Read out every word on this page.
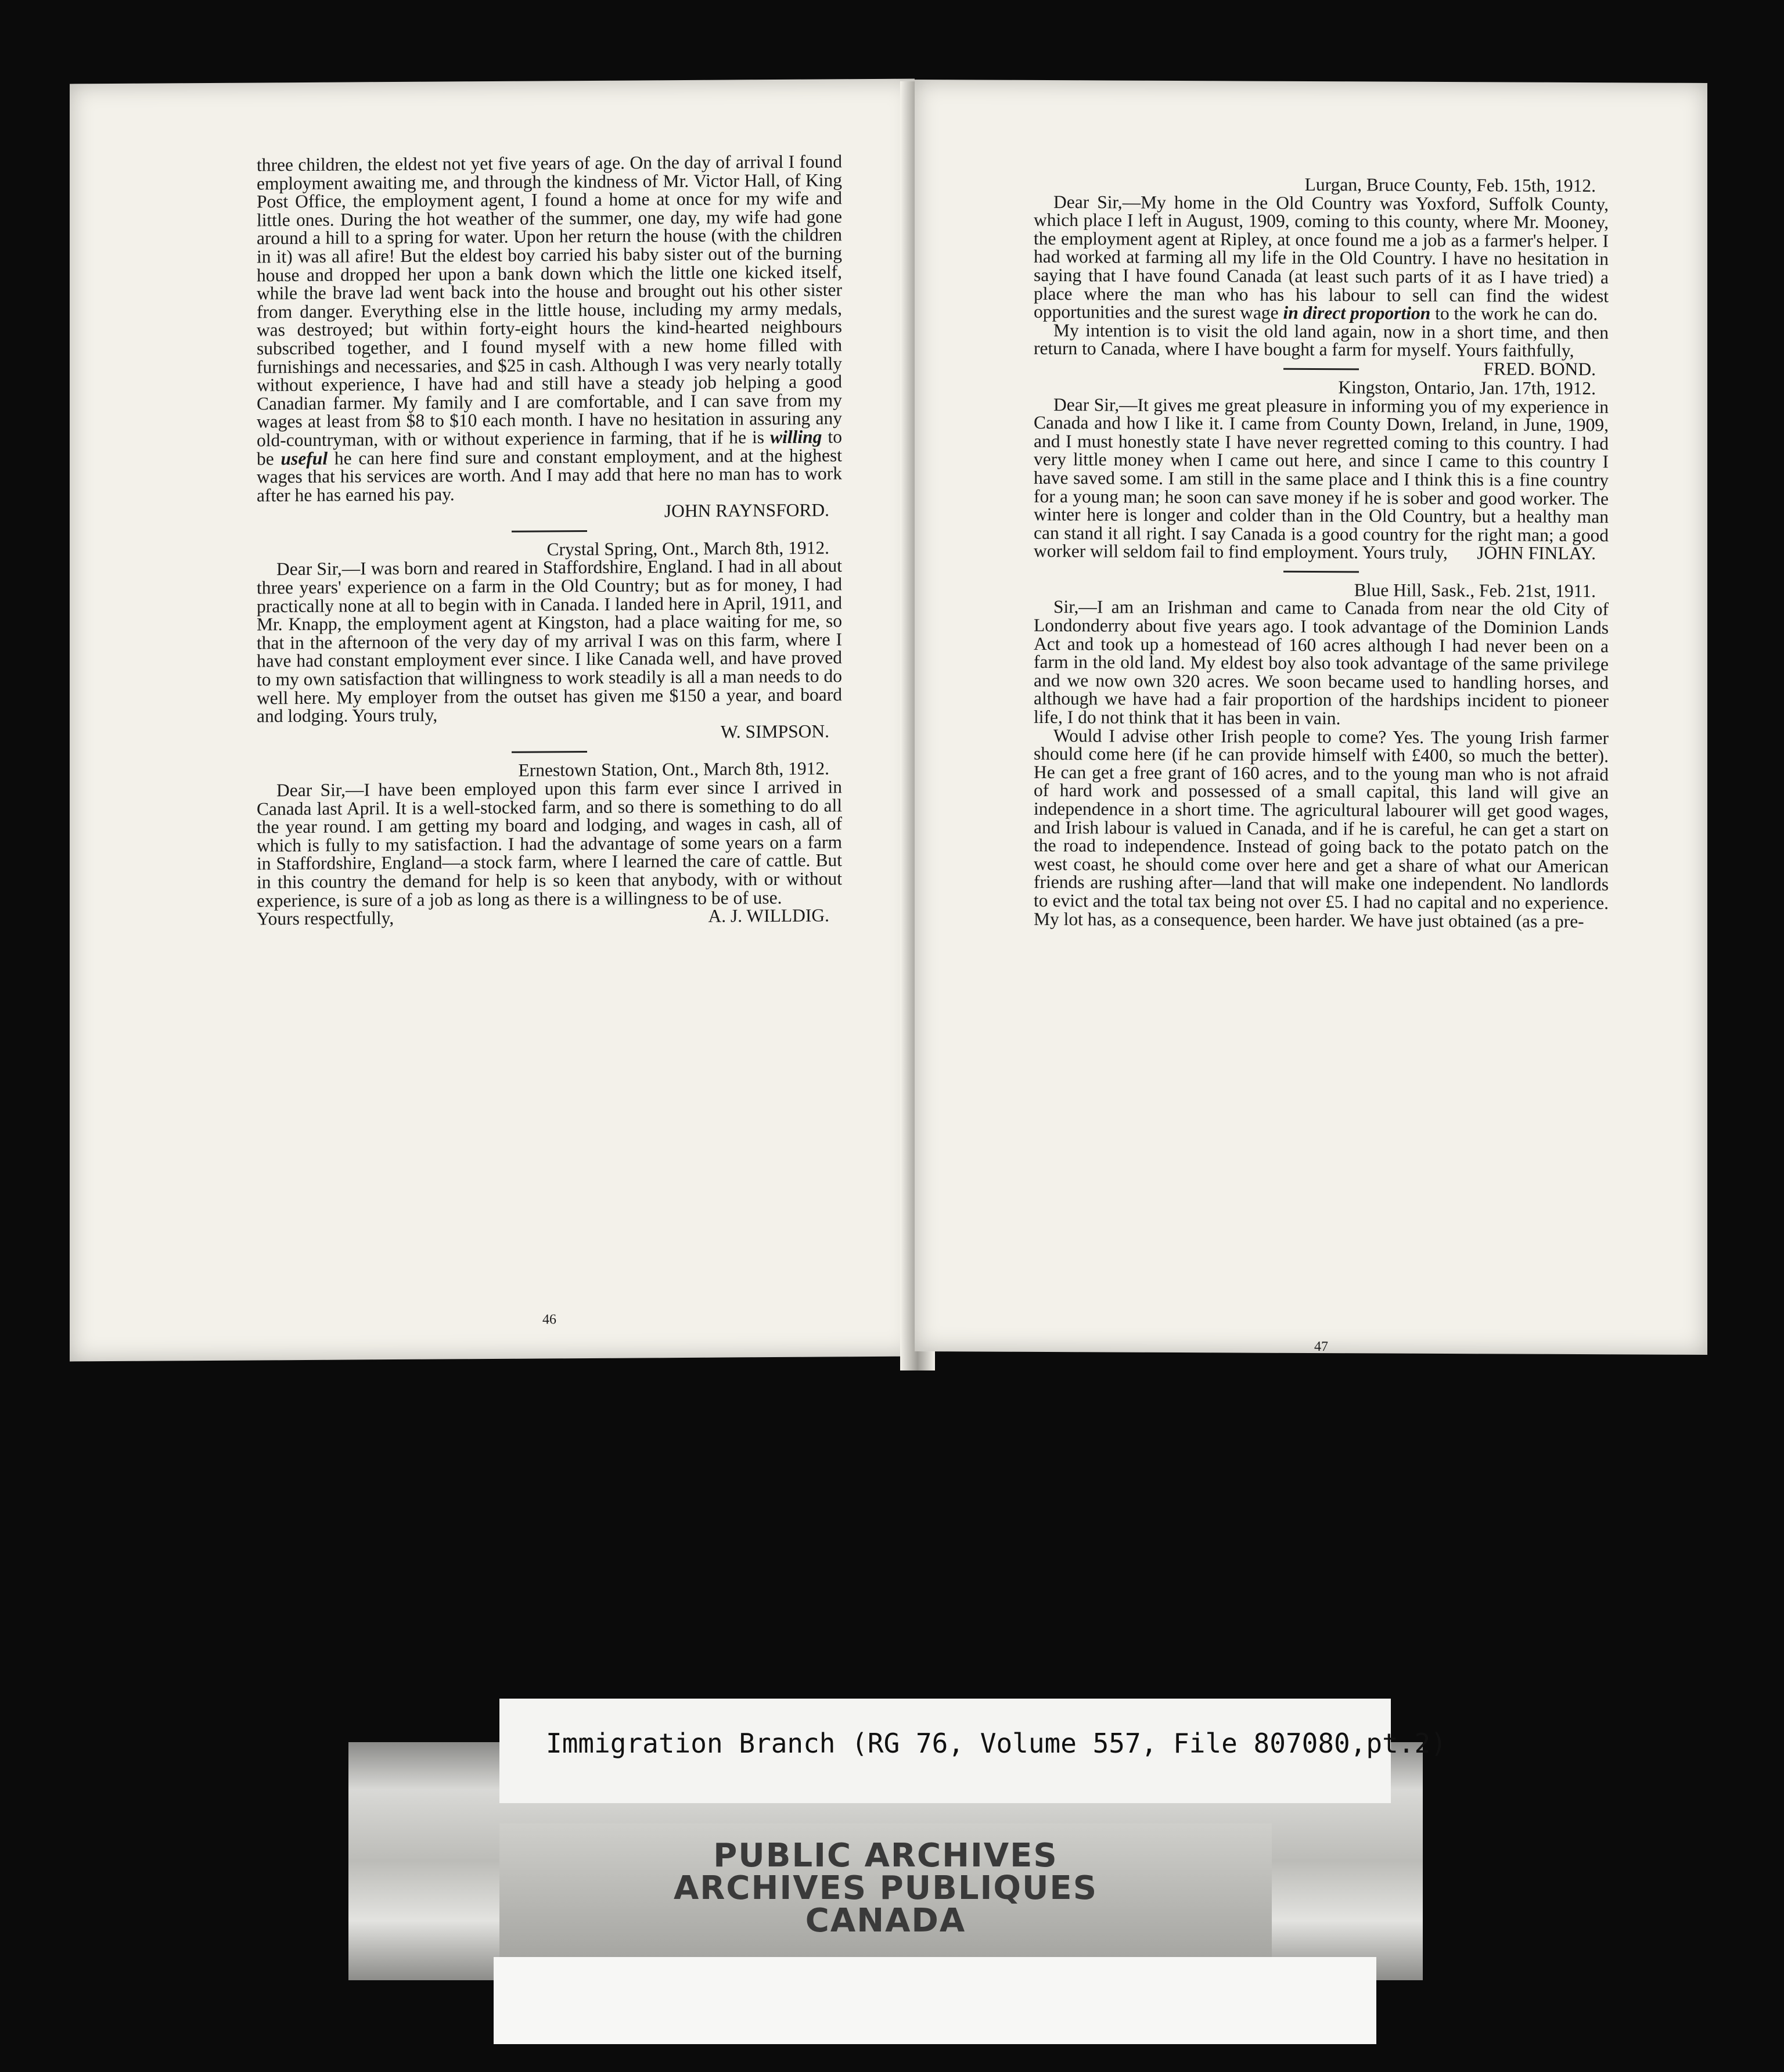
three children, the eldest not yet five years of age. On the day of arrival I found employment awaiting me, and through the kindness of Mr. Victor Hall, of King Post Office, the employment agent, I found a home at once for my wife and little ones. During the hot weather of the summer, one day, my wife had gone around a hill to a spring for water. Upon her return the house (with the children in it) was all afire! But the eldest boy carried his baby sister out of the burning house and dropped her upon a bank down which the little one kicked itself, while the brave lad went back into the house and brought out his other sister from danger. Everything else in the little house, including my army medals, was destroyed; but within forty-eight hours the kind-hearted neighbours subscribed together, and I found myself with a new home filled with furnishings and necessaries, and $25 in cash. Although I was very nearly totally without experience, I have had and still have a steady job helping a good Canadian farmer. My family and I are comfortable, and I can save from my wages at least from $8 to $10 each month. I have no hesitation in assuring any old-countryman, with or without experience in farming, that if he is willing to be useful he can here find sure and constant employment, and at the highest wages that his services are worth. And I may add that here no man has to work after he has earned his pay.

JOHN RAYNSFORD.
Crystal Spring, Ont., March 8th, 1912.

Dear Sir,—I was born and reared in Staffordshire, England. I had in all about three years' experience on a farm in the Old Country; but as for money, I had practically none at all to begin with in Canada. I landed here in April, 1911, and Mr. Knapp, the employment agent at Kingston, had a place waiting for me, so that in the afternoon of the very day of my arrival I was on this farm, where I have had constant employment ever since. I like Canada well, and have proved to my own satisfaction that willingness to work steadily is all a man needs to do well here. My employer from the outset has given me $150 a year, and board and lodging. Yours truly,

W. SIMPSON.
Ernestown Station, Ont., March 8th, 1912.

Dear Sir,—I have been employed upon this farm ever since I arrived in Canada last April. It is a well-stocked farm, and so there is something to do all the year round. I am getting my board and lodging, and wages in cash, all of which is fully to my satisfaction. I had the advantage of some years on a farm in Staffordshire, England—a stock farm, where I learned the care of cattle. But in this country the demand for help is so keen that anybody, with or without experience, is sure of a job as long as there is a willingness to be of use.

Yours respectfully,	A. J. WILLDIG.
46
Lurgan, Bruce County, Feb. 15th, 1912.

Dear Sir,—My home in the Old Country was Yoxford, Suffolk County, which place I left in August, 1909, coming to this county, where Mr. Mooney, the employment agent at Ripley, at once found me a job as a farmer's helper. I had worked at farming all my life in the Old Country. I have no hesitation in saying that I have found Canada (at least such parts of it as I have tried) a place where the man who has his labour to sell can find the widest opportunities and the surest wage in direct proportion to the work he can do.

My intention is to visit the old land again, now in a short time, and then return to Canada, where I have bought a farm for myself. Yours faithfully,
FRED. BOND.

Kingston, Ontario, Jan. 17th, 1912.

Dear Sir,—It gives me great pleasure in informing you of my experience in Canada and how I like it. I came from County Down, Ireland, in June, 1909, and I must honestly state I have never regretted coming to this country. I had very little money when I came out here, and since I came to this country I have saved some. I am still in the same place and I think this is a fine country for a young man; he soon can save money if he is sober and good worker. The winter here is longer and colder than in the Old Country, but a healthy man can stand it all right. I say Canada is a good country for the right man; a good worker will seldom fail to find employment. Yours truly,	JOHN FINLAY.

Blue Hill, Sask., Feb. 21st, 1911.

Sir,—I am an Irishman and came to Canada from near the old City of Londonderry about five years ago. I took advantage of the Dominion Lands Act and took up a homestead of 160 acres although I had never been on a farm in the old land. My eldest boy also took advantage of the same privilege and we now own 320 acres. We soon became used to handling horses, and although we have had a fair proportion of the hardships incident to pioneer life, I do not think that it has been in vain.

Would I advise other Irish people to come? Yes. The young Irish farmer should come here (if he can provide himself with £400, so much the better). He can get a free grant of 160 acres, and to the young man who is not afraid of hard work and possessed of a small capital, this land will give an independence in a short time. The agricultural labourer will get good wages, and Irish labour is valued in Canada, and if he is careful, he can get a start on the road to independence. Instead of going back to the potato patch on the west coast, he should come over here and get a share of what our American friends are rushing after—land that will make one independent. No landlords to evict and the total tax being not over £5. I had no capital and no experience. My lot has, as a consequence, been harder. We have just obtained (as a pre-

47
PUBLIC ARCHIVES
ARCHIVES PUBLIQUES
CANADA
Immigration Branch (RG 76, Volume 557, File 807080,pt.2)
